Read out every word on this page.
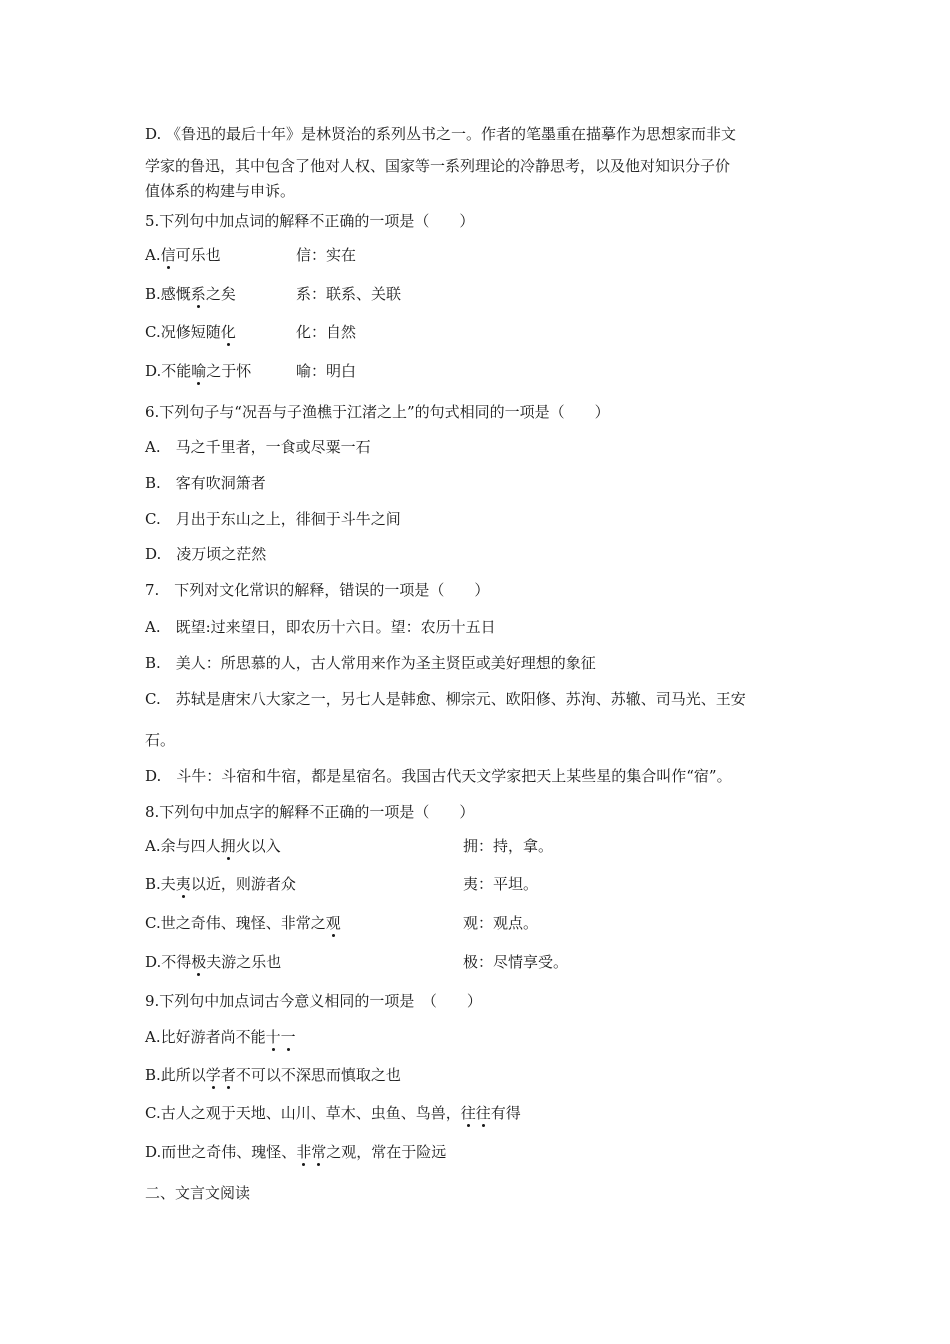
D. 《鲁迅的最后十年》是林贤治的系列丛书之一。作者的笔墨重在描摹作为思想家而非文
学家的鲁迅，其中包含了他对人权、国家等一系列理论的冷静思考，以及他对知识分子价
值体系的构建与申诉。
5.下列句中加点词的解释不正确的一项是（　　）
A.信可乐也	信：实在
B.感慨系之矣	系：联系、关联
C.况修短随化	化：自然
D.不能喻之于怀	喻：明白
6.下列句子与“况吾与子渔樵于江渚之上”的句式相同的一项是（　　）
A.　马之千里者，一食或尽粟一石
B.　客有吹洞箫者
C.　月出于东山之上，徘徊于斗牛之间
D.　凌万顷之茫然
7.　下列对文化常识的解释，错误的一项是（　　）
A.　既望:过来望日，即农历十六日。望：农历十五日
B.　美人：所思慕的人，古人常用来作为圣主贤臣或美好理想的象征
C.　苏轼是唐宋八大家之一，另七人是韩愈、柳宗元、欧阳修、苏洵、苏辙、司马光、王安
石。
D.　斗牛：斗宿和牛宿，都是星宿名。我国古代天文学家把天上某些星的集合叫作“宿”。
8.下列句中加点字的解释不正确的一项是（　　）
A.余与四人拥火以入	拥：持，拿。
B.夫夷以近，则游者众	夷：平坦。
C.世之奇伟、瑰怪、非常之观	观：观点。
D.不得极夫游之乐也	极：尽情享受。
9.下列句中加点词古今意义相同的一项是　（　　）
A.比好游者尚不能十一
B.此所以学者不可以不深思而慎取之也
C.古人之观于天地、山川、草木、虫鱼、鸟兽，往往有得
D.而世之奇伟、瑰怪、非常之观，常在于险远
二、文言文阅读
